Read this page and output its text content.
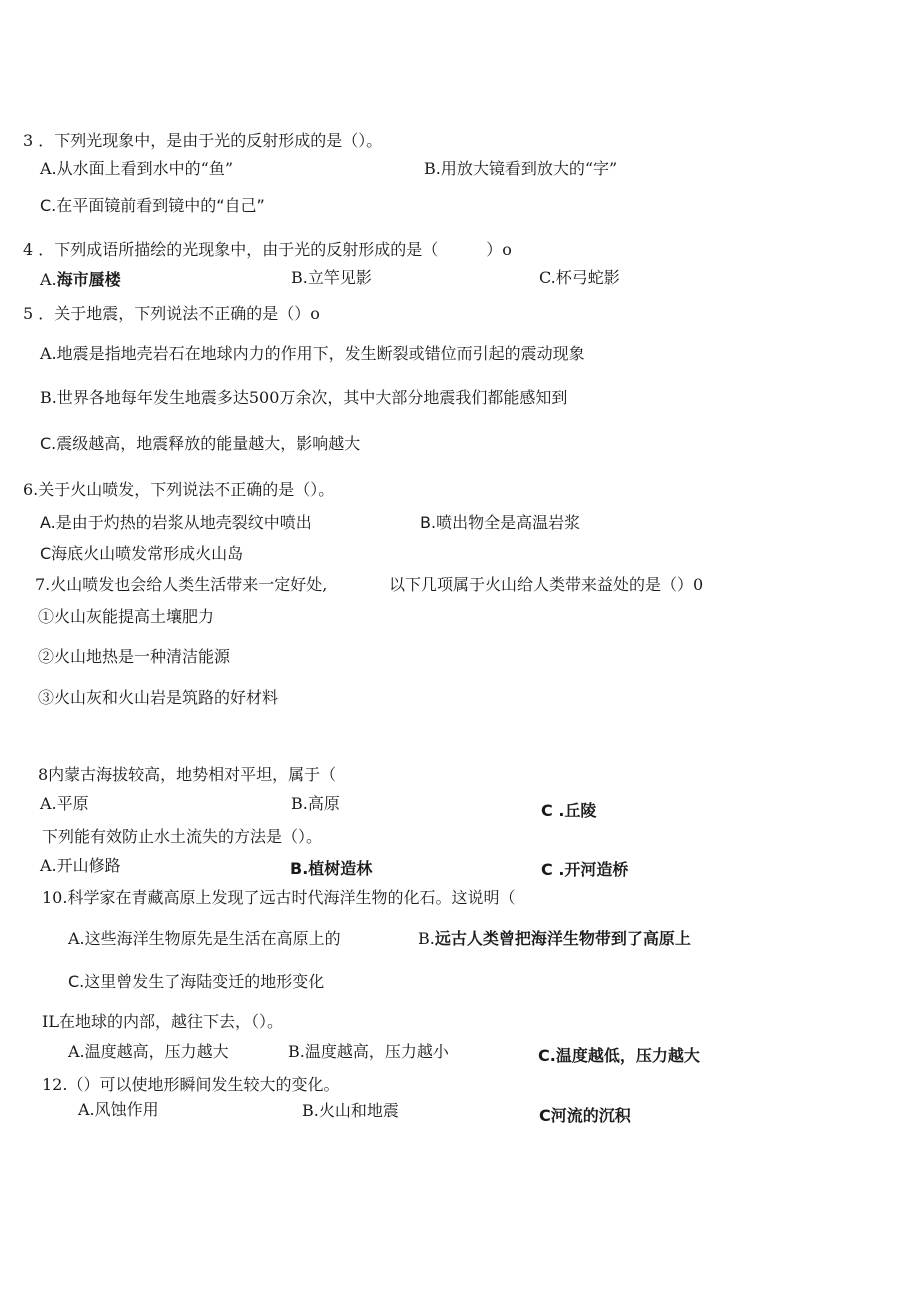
3 ．下列光现象中，是由于光的反射形成的是（）。
A.从水面上看到水中的“鱼”	B.用放大镜看到放大的“字”
C.在平面镜前看到镜中的“自己”
4 ．下列成语所描绘的光现象中，由于光的反射形成的是（　　　）o
A.海市蜃楼	B.立竿见影	C.杯弓蛇影
5 ．关于地震，下列说法不正确的是（）o
A.地震是指地壳岩石在地球内力的作用下，发生断裂或错位而引起的震动现象
B.世界各地每年发生地震多达500万余次，其中大部分地震我们都能感知到
C.震级越高，地震释放的能量越大，影响越大
6.关于火山喷发，下列说法不正确的是（）。
A.是由于灼热的岩浆从地壳裂纹中喷出	B.喷出物全是高温岩浆
C海底火山喷发常形成火山岛
7.火山喷发也会给人类生活带来一定好处,	以下几项属于火山给人类带来益处的是（）0
①火山灰能提高土壤肥力
②火山地热是一种清洁能源
③火山灰和火山岩是筑路的好材料
8内蒙古海拔较高，地势相对平坦，属于（
A.平原	B.高原	C .丘陵
下列能有效防止水土流失的方法是（）。
A.开山修路	B.植树造林	C .开河造桥
10.科学家在青藏高原上发现了远古时代海洋生物的化石。这说明（
A.这些海洋生物原先是生活在高原上的	B.远古人类曾把海洋生物带到了高原上
C.这里曾发生了海陆变迁的地形变化
IL在地球的内部，越往下去，（）。
A.温度越高，压力越大	B.温度越高，压力越小	C.温度越低，压力越大
12.（）可以使地形瞬间发生较大的变化。
A.风蚀作用	B.火山和地震	C河流的沉积
